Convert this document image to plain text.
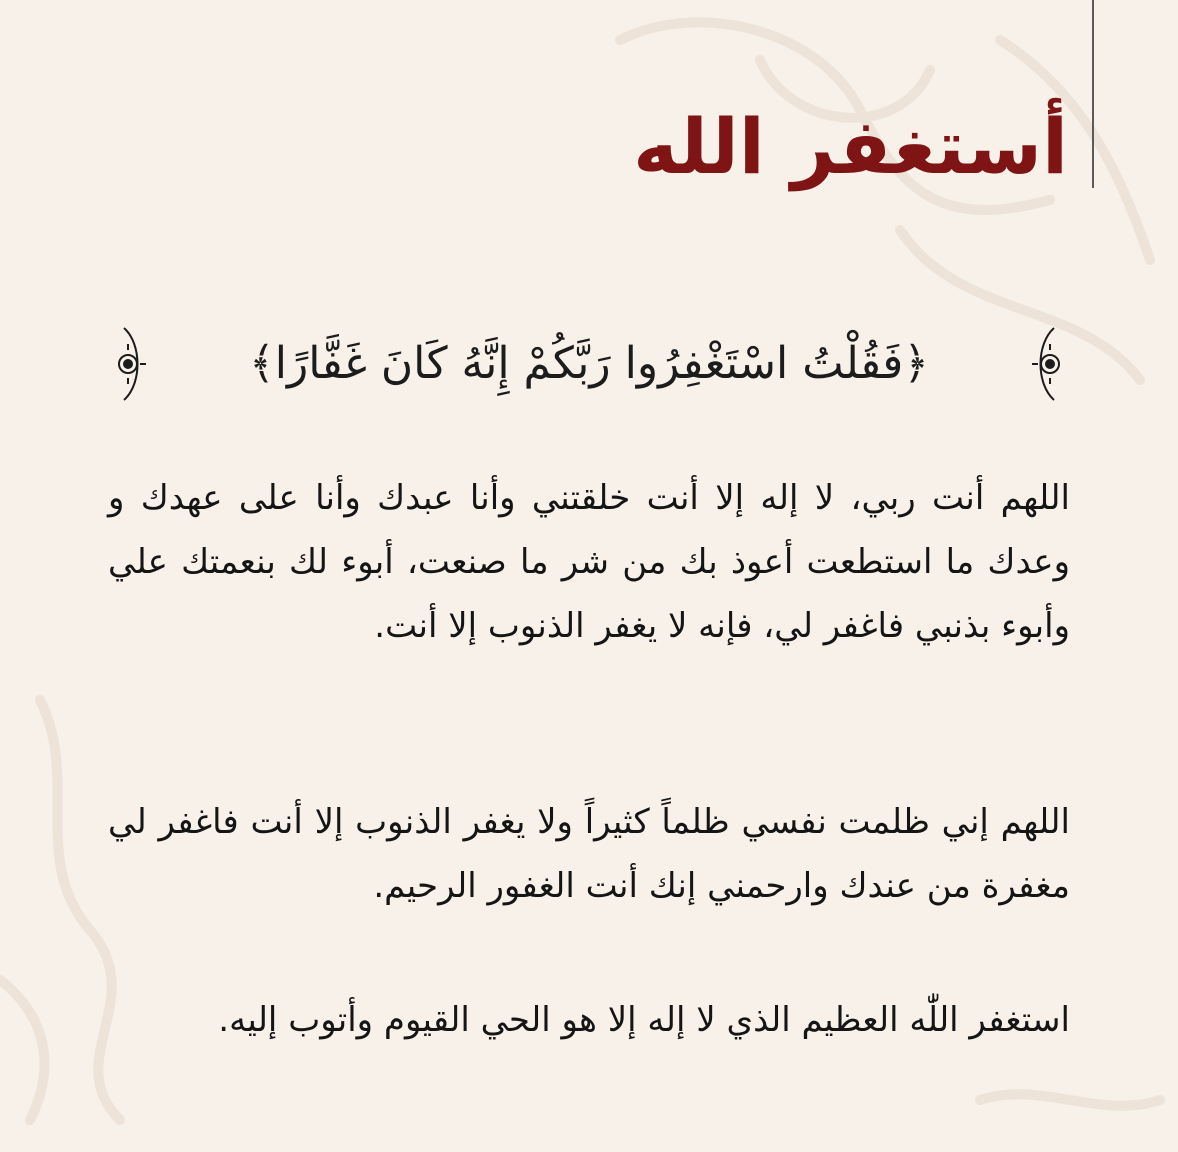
أستغفر الله
﴿فَقُلْتُ اسْتَغْفِرُوا رَبَّكُمْ إِنَّهُ كَانَ غَفَّارًا﴾

اللهم أنت ربي، لا إله إلا أنت خلقتني وأنا عبدك وأنا على عهدك و وعدك ما استطعت أعوذ بك من شر ما صنعت، أبوء لك بنعمتك علي وأبوء بذنبي فاغفر لي، فإنه لا يغفر الذنوب إلا أنت.

اللهم إني ظلمت نفسي ظلماً كثيراً ولا يغفر الذنوب إلا أنت فاغفر لي مغفرة من عندك وارحمني إنك أنت الغفور الرحيم.

استغفر اللّٰه العظيم الذي لا إله إلا هو الحي القيوم وأتوب إليه.
